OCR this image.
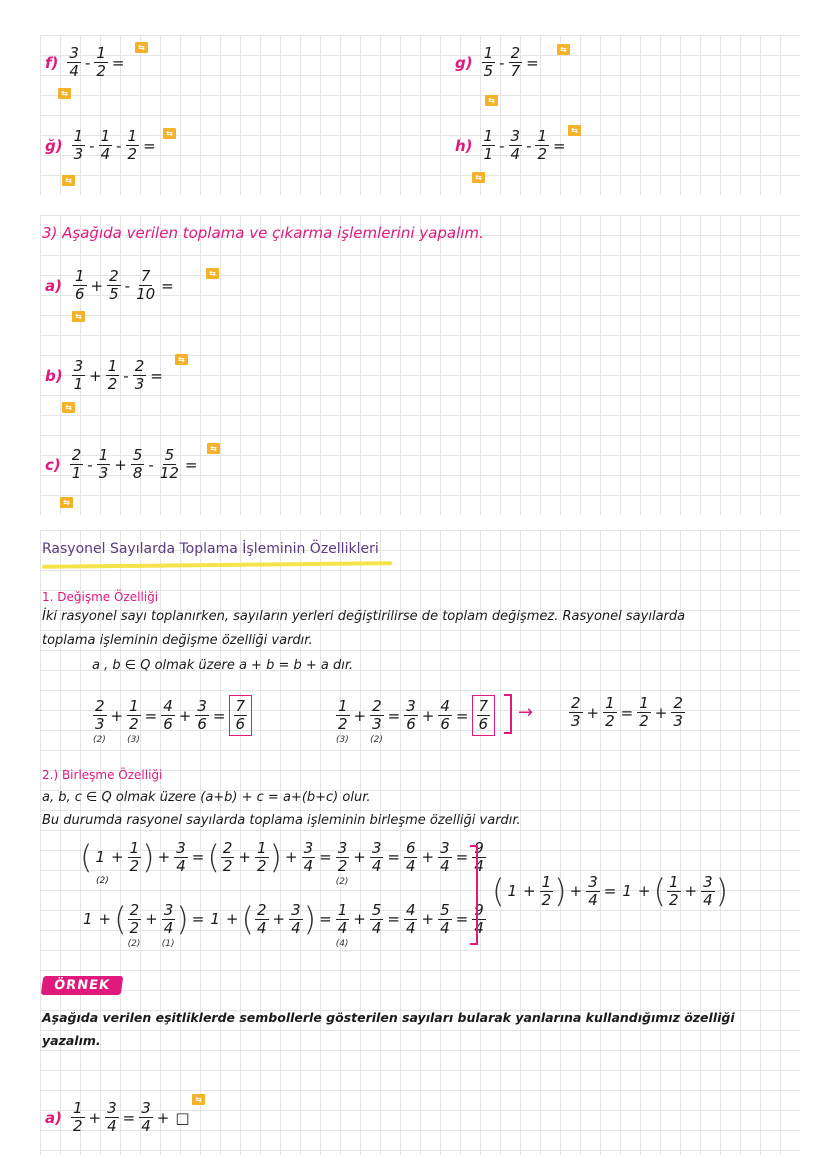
$f) \frac{3}{4} - \frac{1}{2}$ =
⇆
⇆
$g) \frac{1}{5} - \frac{2}{7}$ =
⇆
⇆
ğ) $\frac{1}{3} - \frac{1}{4} - \frac{1}{2}$ =
⇆
⇆
$h) \frac{1}{1} - \frac{3}{4} - \frac{1}{2}$ =
⇆
⇆
3) Aşağıda verilen toplama ve çıkarma işlemlerini yapalım.
$a) \frac{1}{6} + \frac{2}{5} - \frac{7}{10}$ =
⇆
⇆
$b) \frac{3}{1} + \frac{1}{2} - \frac{2}{3}$ =
⇆
⇆
$c) \frac{2}{1} - \frac{1}{3} + \frac{5}{8} - \frac{5}{12}$ =
⇆
⇆
Rasyonel Sayılarda Toplama İşleminin Özellikleri
1. Değişme Özelliği
İki rasyonel sayı toplanırken, sayıların yerleri değiştirilirse de toplam değişmez. Rasyonel sayılarda
toplama işleminin değişme özelliği vardır.
a , b ∈ Q olmak üzere a + b = b + a dır.
2
3
(2)
+
1
2
(3)
= $\frac{4}{6} + \frac{3}{6} = \frac{7}{6}$	1
2
(3)
+
2
3
(2)
= $\frac{3}{6} + \frac{4}{6} = \frac{7}{6} \to \frac{2}{3} + \frac{1}{2} = \frac{1}{2} + \frac{2}{3}$
2.) Birleşme Özelliği
a, b, c ∈ Q olmak üzere (a+b) + c = a+(b+c) olur.
Bu durumda rasyonel sayılarda toplama işleminin birleşme özelliği vardır.
( $1 + \frac{1}{2}$ ) + $\frac{3}{4}$ = ( $\frac{2}{2} + \frac{1}{2}$ ) + $\frac{3}{4}$ =
3
2
(2)
+ $\frac{3}{4} = \frac{6}{4} + \frac{3}{4} = \frac{9}{4}$
(2)
1 + ( 2
2
(2)
+
3
4
(1)
) = 1 + ( $\frac{2}{4} + \frac{3}{4}$ ) =
1
4
(4)
+ $\frac{5}{4} = \frac{4}{4} + \frac{5}{4} = \frac{9}{4}$
( $1 + \frac{1}{2}$ ) + $\frac{3}{4} = 1$ + ( $\frac{1}{2} + \frac{3}{4}$ )
ÖRNEK
Aşağıda verilen eşitliklerde sembollerle gösterilen sayıları bularak yanlarına kullandığımız özelliği
yazalım.
$a) \frac{1}{2} + \frac{3}{4} = \frac{3}{4}$ + □
⇆
